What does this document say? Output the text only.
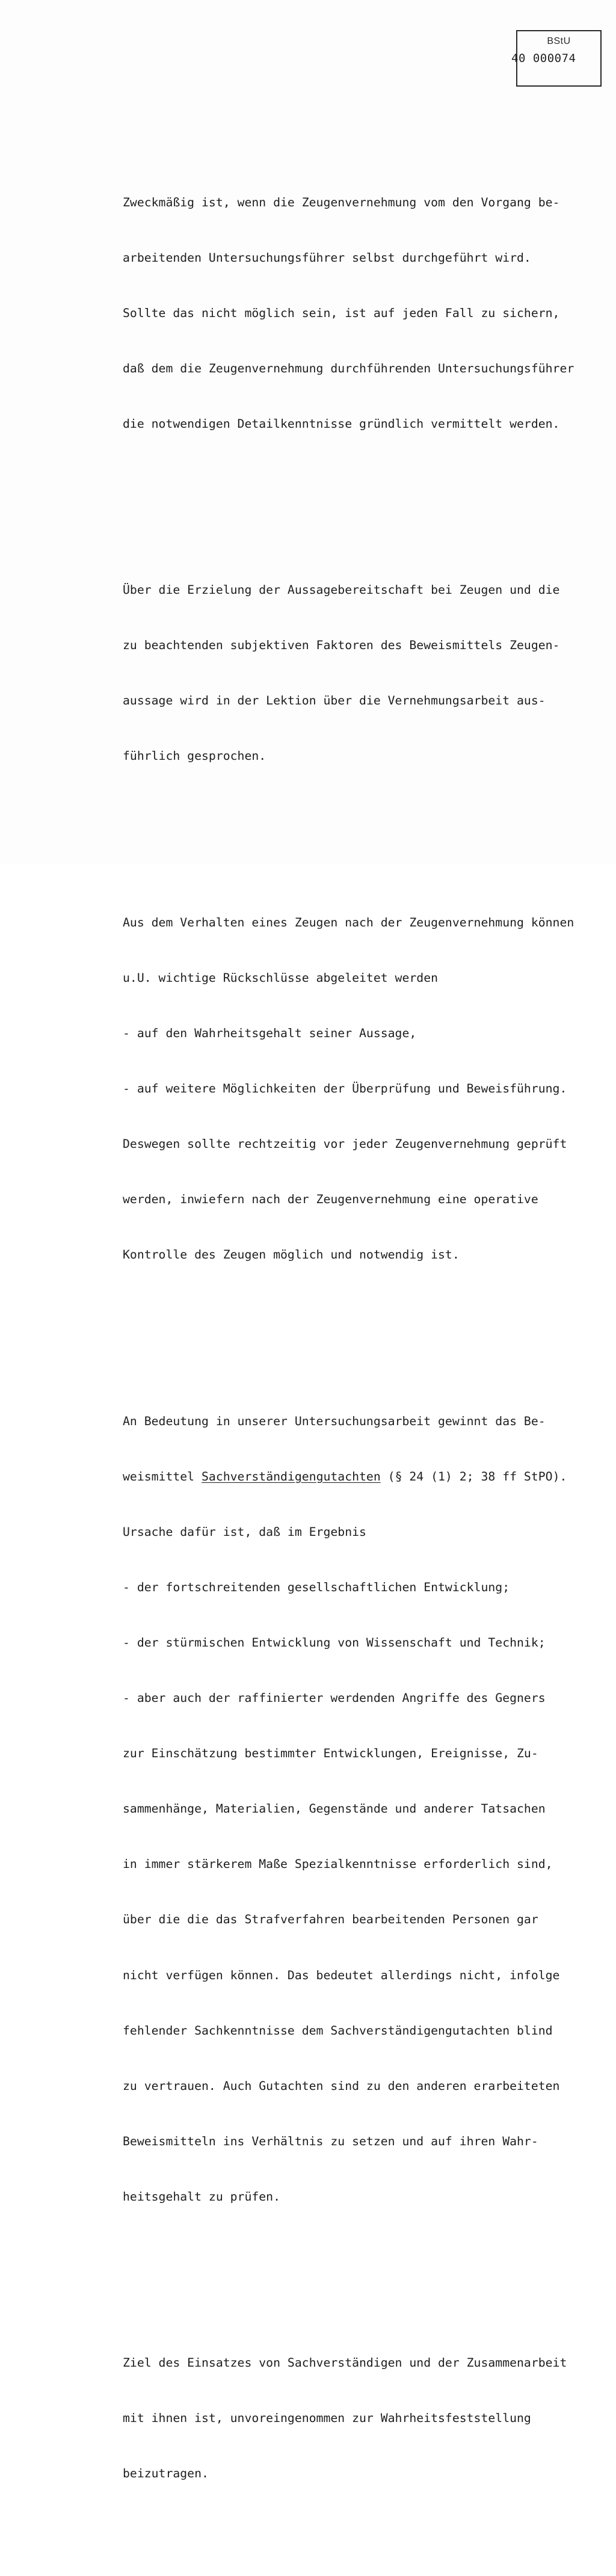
BStU
40 000074

Zweckmäßig ist, wenn die Zeugenvernehmung vom den Vorgang be-

arbeitenden Untersuchungsführer selbst durchgeführt wird.

Sollte das nicht möglich sein, ist auf jeden Fall zu sichern,

daß dem die Zeugenvernehmung durchführenden Untersuchungsführer

die notwendigen Detailkenntnisse gründlich vermittelt werden.

Über die Erzielung der Aussagebereitschaft bei Zeugen und die

zu beachtenden subjektiven Faktoren des Beweismittels Zeugen-

aussage wird in der Lektion über die Vernehmungsarbeit aus-

führlich gesprochen.

Aus dem Verhalten eines Zeugen nach der Zeugenvernehmung können

u.U. wichtige Rückschlüsse abgeleitet werden

- auf den Wahrheitsgehalt seiner Aussage,

- auf weitere Möglichkeiten der Überprüfung und Beweisführung.

Deswegen sollte rechtzeitig vor jeder Zeugenvernehmung geprüft

werden, inwiefern nach der Zeugenvernehmung eine operative

Kontrolle des Zeugen möglich und notwendig ist.

An Bedeutung in unserer Untersuchungsarbeit gewinnt das Be-

weismittel Sachverständigengutachten (§ 24 (1) 2; 38 ff StPO).

Ursache dafür ist, daß im Ergebnis

- der fortschreitenden gesellschaftlichen Entwicklung;

- der stürmischen Entwicklung von Wissenschaft und Technik;

- aber auch der raffinierter werdenden Angriffe des Gegners

zur Einschätzung bestimmter Entwicklungen, Ereignisse, Zu-

sammenhänge, Materialien, Gegenstände und anderer Tatsachen

in immer stärkerem Maße Spezialkenntnisse erforderlich sind,

über die die das Strafverfahren bearbeitenden Personen gar

nicht verfügen können. Das bedeutet allerdings nicht, infolge

fehlender Sachkenntnisse dem Sachverständigengutachten blind

zu vertrauen. Auch Gutachten sind zu den anderen erarbeiteten

Beweismitteln ins Verhältnis zu setzen und auf ihren Wahr-

heitsgehalt zu prüfen.

Ziel des Einsatzes von Sachverständigen und der Zusammenarbeit

mit ihnen ist, unvoreingenommen zur Wahrheitsfeststellung

beizutragen.
